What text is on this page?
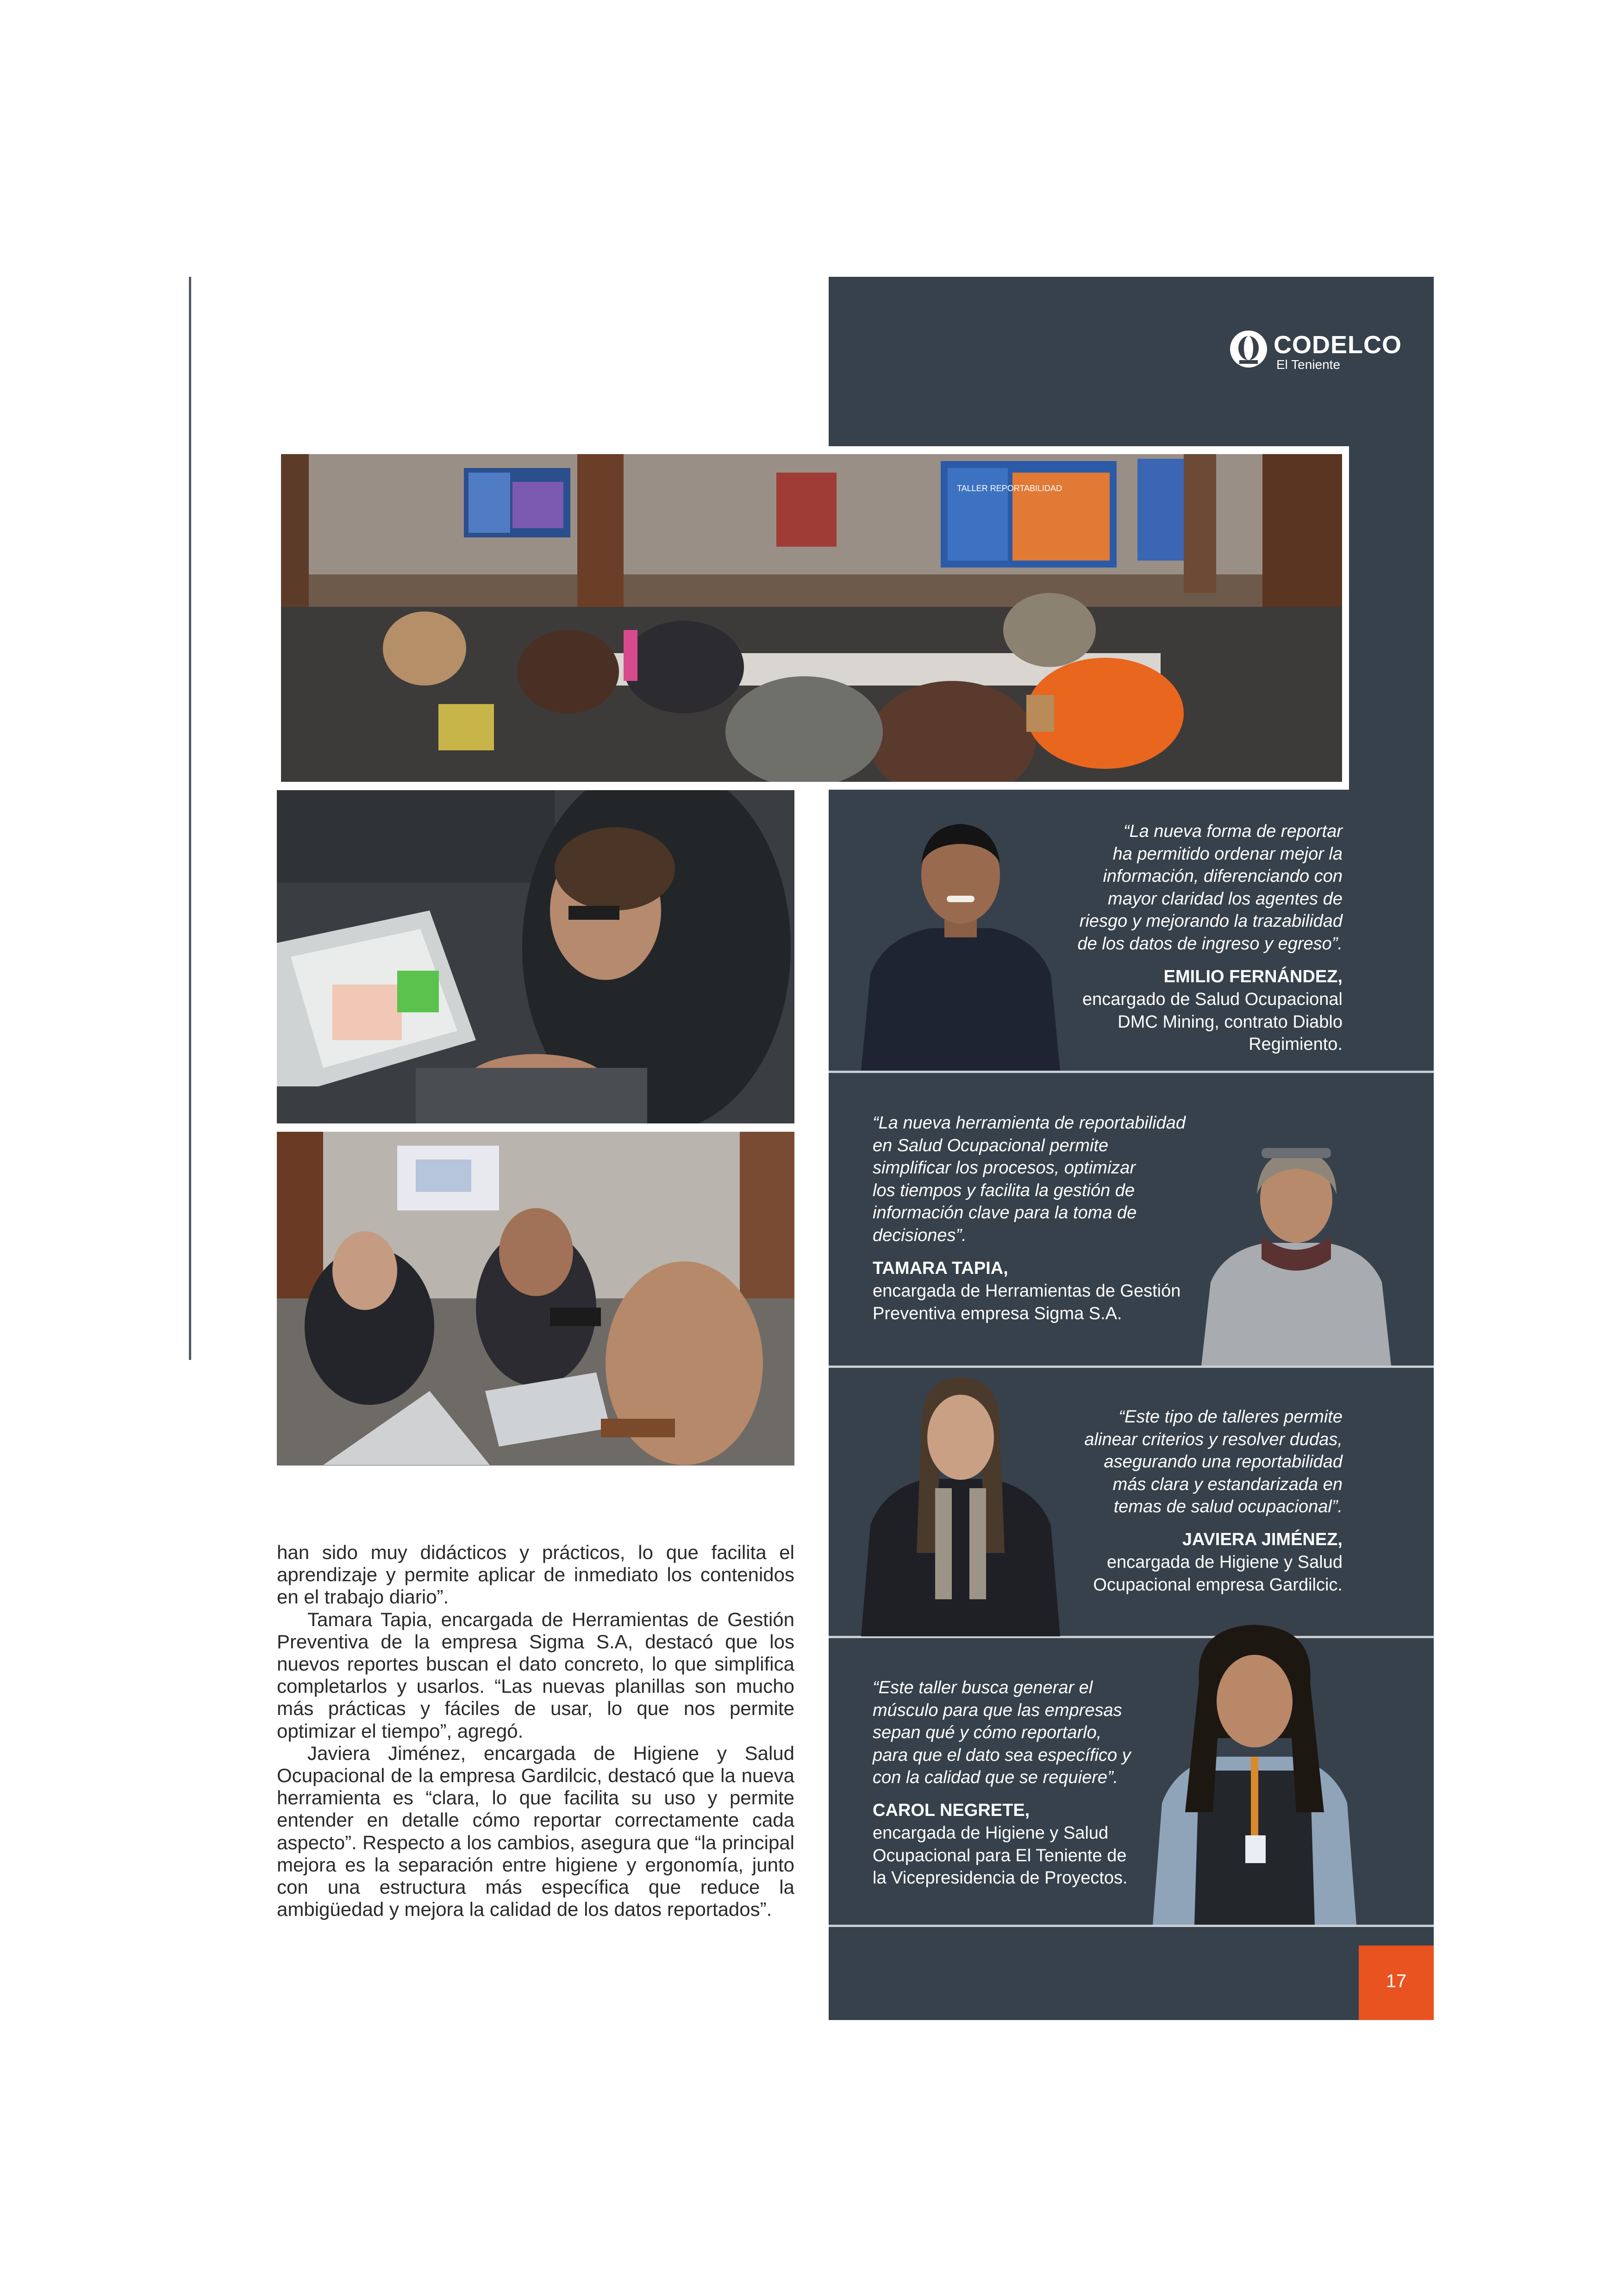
CODELCO
El Teniente
TALLER REPORTABILIDAD
“La nueva forma de reportar
ha permitido ordenar mejor la
información, diferenciando con
mayor claridad los agentes de
riesgo y mejorando la trazabilidad
de los datos de ingreso y egreso”.
EMILIO FERNÁNDEZ,
encargado de Salud Ocupacional
DMC Mining, contrato Diablo
Regimiento.
“La nueva herramienta de reportabilidad
en Salud Ocupacional permite
simplificar los procesos, optimizar
los tiempos y facilita la gestión de
información clave para la toma de
decisiones”.
TAMARA TAPIA,
encargada de Herramientas de Gestión
Preventiva empresa Sigma S.A.
“Este tipo de talleres permite
alinear criterios y resolver dudas,
asegurando una reportabilidad
más clara y estandarizada en
temas de salud ocupacional”.
JAVIERA JIMÉNEZ,
encargada de Higiene y Salud
Ocupacional empresa Gardilcic.
“Este taller busca generar el
músculo para que las empresas
sepan qué y cómo reportarlo,
para que el dato sea específico y
con la calidad que se requiere”.
CAROL NEGRETE,
encargada de Higiene y Salud
Ocupacional para El Teniente de
la Vicepresidencia de Proyectos.

han sido muy didácticos y prácticos, lo que facilita el aprendizaje y permite aplicar de inmediato los contenidos en el trabajo diario”.

Tamara Tapia, encargada de Herramientas de Gestión Preventiva de la empresa Sigma S.A, destacó que los nuevos reportes buscan el dato concreto, lo que simplifica completarlos y usarlos. “Las nuevas planillas son mucho más prácticas y fáciles de usar, lo que nos permite optimizar el tiempo”, agregó.

Javiera Jiménez, encargada de Higiene y Salud Ocupacional de la empresa Gardilcic, destacó que la nueva herramienta es “clara, lo que facilita su uso y permite entender en detalle cómo reportar correctamente cada aspecto”. Respecto a los cambios, asegura que “la principal mejora es la separación entre higiene y ergonomía, junto con una estructura más específica que reduce la ambigüedad y mejora la calidad de los datos reportados”.

17
